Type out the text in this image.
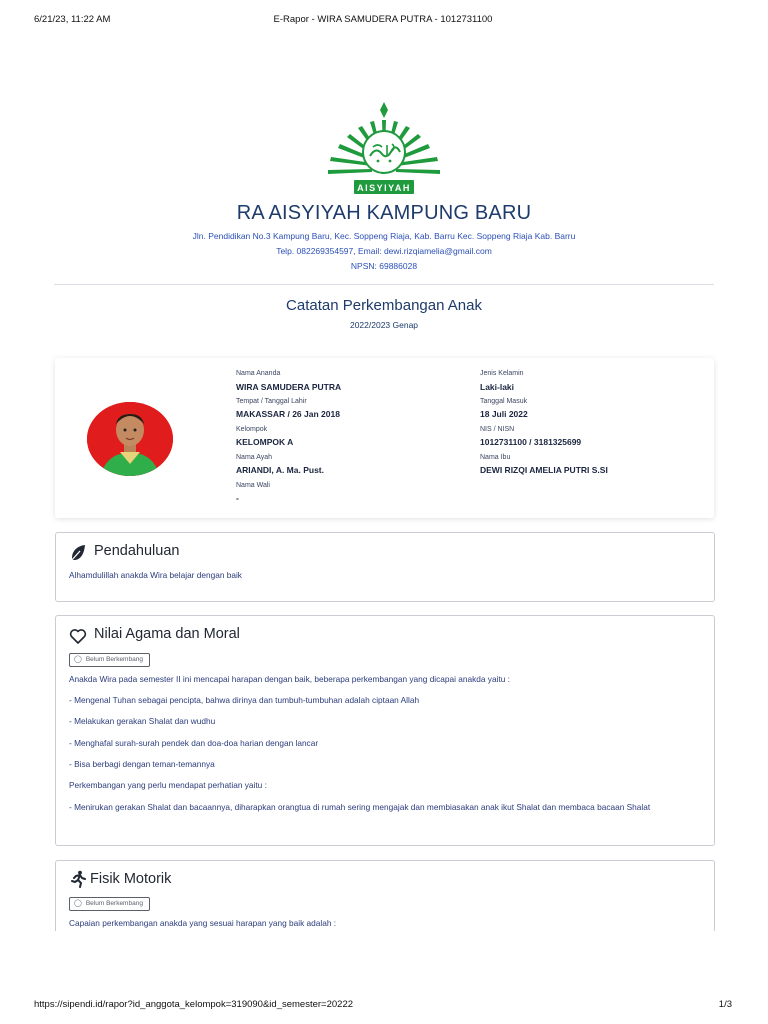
6/21/23, 11:22 AM	E-Rapor - WIRA SAMUDERA PUTRA - 1012731100
AISYIYAH
RA AISYIYAH KAMPUNG BARU
Jln. Pendidikan No.3 Kampung Baru, Kec. Soppeng Riaja, Kab. Barru Kec. Soppeng Riaja Kab. Barru
Telp. 082269354597, Email: dewi.rizqiamelia@gmail.com
NPSN: 69886028
Catatan Perkembangan Anak
2022/2023 Genap
Nama Ananda
WIRA SAMUDERA PUTRA
Tempat / Tanggal Lahir
MAKASSAR / 26 Jan 2018
Kelompok
KELOMPOK A
Nama Ayah
ARIANDI, A. Ma. Pust.
Nama Wali
-
Jenis Kelamin
Laki-laki
Tanggal Masuk
18 Juli 2022
NIS / NISN
1012731100 / 3181325699
Nama Ibu
DEWI RIZQI AMELIA PUTRI S.SI
Pendahuluan
Alhamdulillah anakda Wira belajar dengan baik
Nilai Agama dan Moral
◯ Belum Berkembang
Anakda Wira pada semester II ini mencapai harapan dengan baik, beberapa perkembangan yang dicapai anakda yaitu :
- Mengenal Tuhan sebagai pencipta, bahwa dirinya dan tumbuh-tumbuhan adalah ciptaan Allah
- Melakukan gerakan Shalat dan wudhu
- Menghafal surah-surah pendek dan doa-doa harian dengan lancar
- Bisa berbagi dengan teman-temannya
Perkembangan yang perlu mendapat perhatian yaitu :
- Menirukan gerakan Shalat dan bacaannya, diharapkan orangtua di rumah sering mengajak dan membiasakan anak ikut Shalat dan membaca bacaan Shalat
Fisik Motorik
◯ Belum Berkembang
Capaian perkembangan anakda yang sesuai harapan yang baik adalah :
https://sipendi.id/rapor?id_anggota_kelompok=319090&id_semester=20222	1/3
